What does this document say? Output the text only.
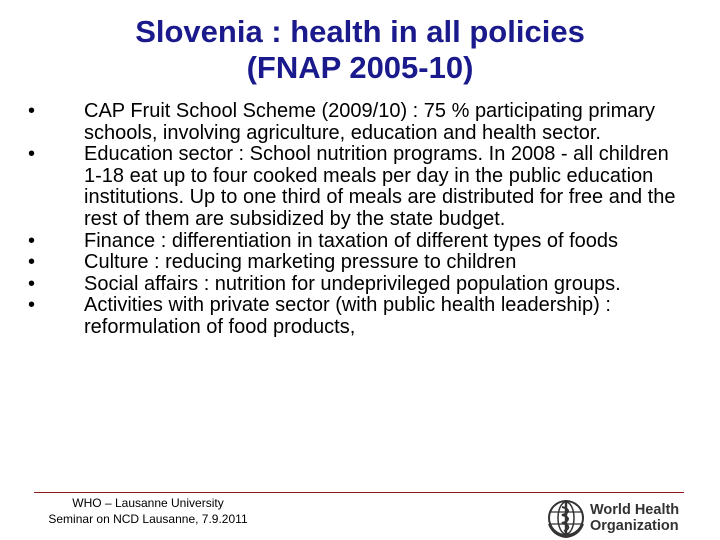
Slovenia : health in all policies
(FNAP 2005-10)
• CAP Fruit School Scheme (2009/10) : 75 % participating primary schools, involving agriculture, education and health sector.
• Education sector : School nutrition programs. In 2008 - all children 1-18 eat up to four cooked meals per day in the public education institutions. Up to one third of meals are distributed for free and the rest of them are subsidized by the state budget.
• Finance : differentiation in taxation of different types of foods
• Culture : reducing marketing pressure to children
• Social affairs : nutrition for undeprivileged population groups.
• Activities with private sector (with public health leadership) : reformulation of food products,
WHO – Lausanne University
Seminar on NCD Lausanne, 7.9.2011
World Health
Organization
